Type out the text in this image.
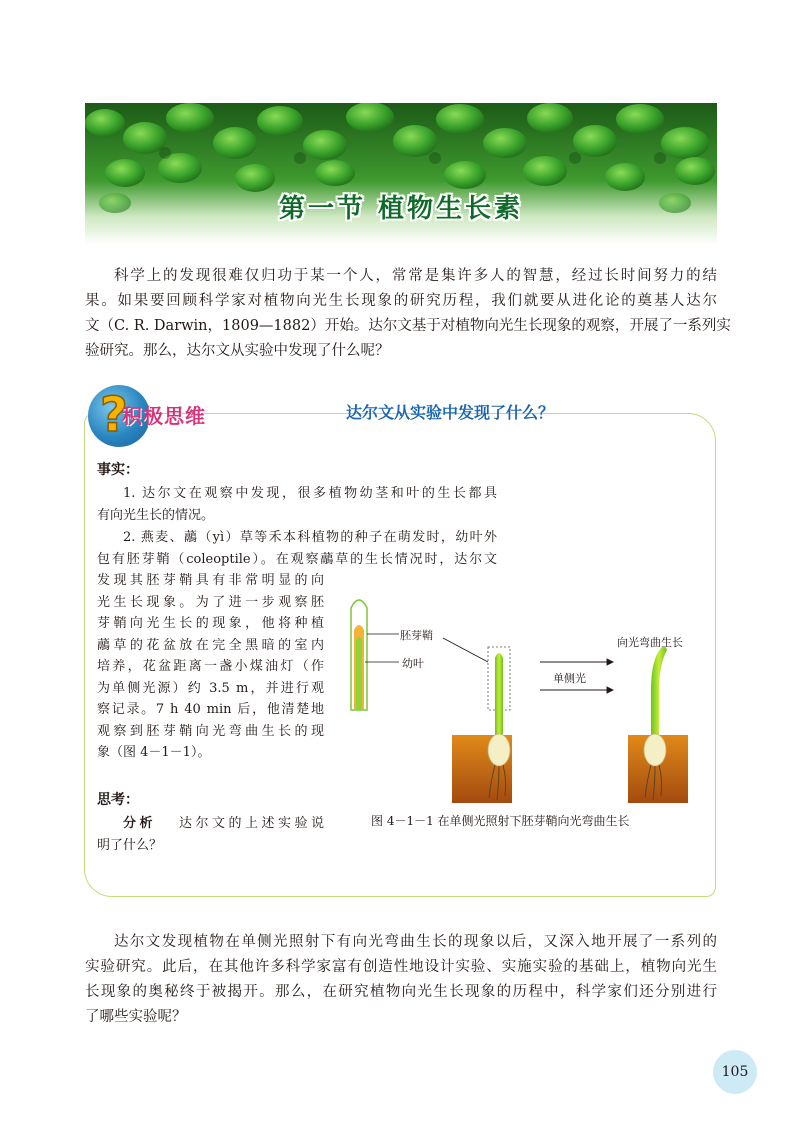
第一节 植物生长素

科学上的发现很难仅归功于某一个人，常常是集许多人的智慧，经过长时间努力的结
果。如果要回顾科学家对植物向光生长现象的研究历程，我们就要从进化论的奠基人达尔
文（C. R. Darwin，1809—1882）开始。达尔文基于对植物向光生长现象的观察，开展了一系列实
验研究。那么，达尔文从实验中发现了什么呢？

?
积极思维	达尔文从实验中发现了什么？
事实：

1. 达尔文在观察中发现，很多植物幼茎和叶的生长都具
有向光生长的情况。

2. 燕麦、虉（yì）草等禾本科植物的种子在萌发时，幼叶外
包有胚芽鞘（coleoptile）。在观察虉草的生长情况时，达尔文

发现其胚芽鞘具有非常明显的向
光生长现象。为了进一步观察胚
芽鞘向光生长的现象，他将种植
虉草的花盆放在完全黑暗的室内
培养，花盆距离一盏小煤油灯（作
为单侧光源）约 3.5 m，并进行观
察记录。7 h 40 min 后，他清楚地
观察到胚芽鞘向光弯曲生长的现
象（图 4－1－1）。

思考：

分析 达尔文的上述实验说
明了什么？

胚芽鞘
幼叶
单侧光
向光弯曲生长
图 4－1－1 在单侧光照射下胚芽鞘向光弯曲生长

达尔文发现植物在单侧光照射下有向光弯曲生长的现象以后，又深入地开展了一系列的
实验研究。此后，在其他许多科学家富有创造性地设计实验、实施实验的基础上，植物向光生
长现象的奥秘终于被揭开。那么，在研究植物向光生长现象的历程中，科学家们还分别进行
了哪些实验呢？

105
